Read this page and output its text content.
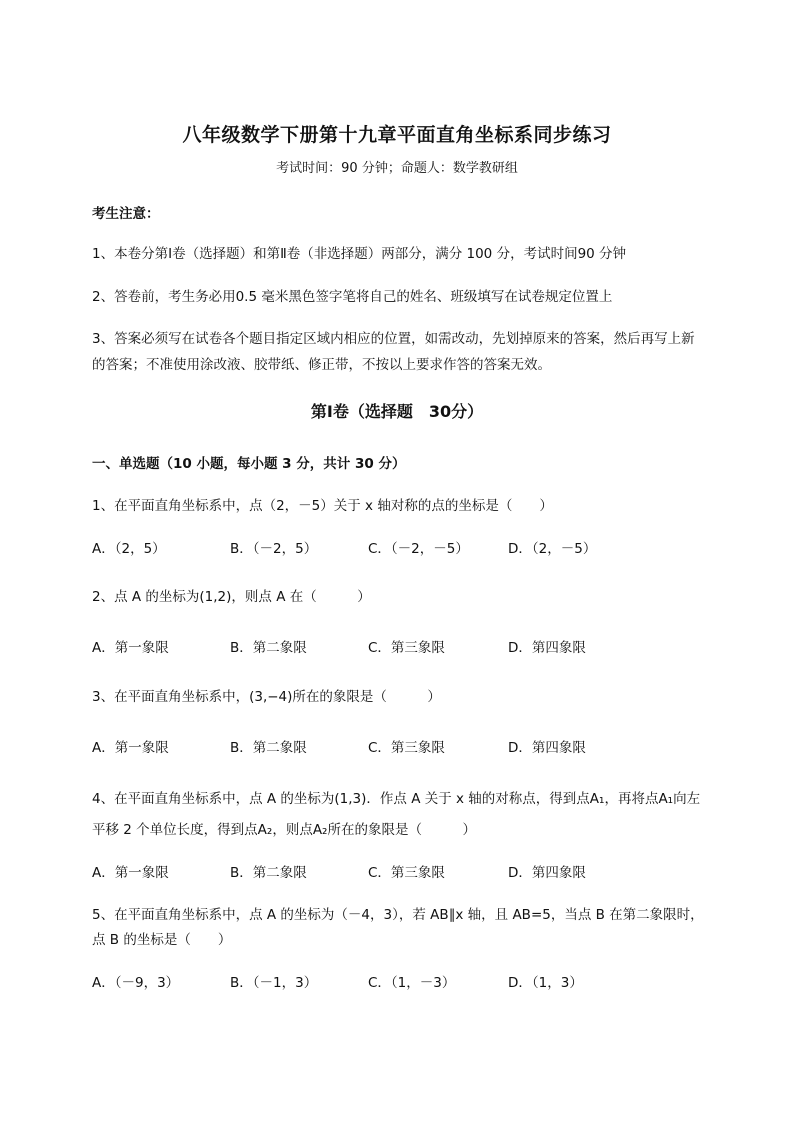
八年级数学下册第十九章平面直角坐标系同步练习
考试时间：90 分钟；命题人：数学教研组
考生注意：
1、本卷分第Ⅰ卷（选择题）和第Ⅱ卷（非选择题）两部分，满分 100 分，考试时间90 分钟
2、答卷前，考生务必用0.5 毫米黑色签字笔将自己的姓名、班级填写在试卷规定位置上
3、答案必须写在试卷各个题目指定区域内相应的位置，如需改动，先划掉原来的答案，然后再写上新
的答案；不准使用涂改液、胶带纸、修正带，不按以上要求作答的答案无效。
第Ⅰ卷（选择题　30分）
一、单选题（10 小题，每小题 3 分，共计 30 分）
1、在平面直角坐标系中，点（2，－5）关于 x 轴对称的点的坐标是（　　）
A．（2，5）	B．（－2，5）	C．（－2，－5）	D．（2，－5）
2、点 A 的坐标为(1,2)，则点 A 在（　　　）
A．第一象限	B．第二象限	C．第三象限	D．第四象限
3、在平面直角坐标系中，(3,−4)所在的象限是（　　　）
A．第一象限	B．第二象限	C．第三象限	D．第四象限
4、在平面直角坐标系中，点 A 的坐标为(1,3)．作点 A 关于 x 轴的对称点，得到点A₁，再将点A₁向左
平移 2 个单位长度，得到点A₂，则点A₂所在的象限是（　　　）
A．第一象限	B．第二象限	C．第三象限	D．第四象限
5、在平面直角坐标系中，点 A 的坐标为（－4，3），若 AB∥x 轴，且 AB=5，当点 B 在第二象限时，
点 B 的坐标是（　　）
A．（－9，3）	B．（－1，3）	C．（1，－3）	D．（1，3）
